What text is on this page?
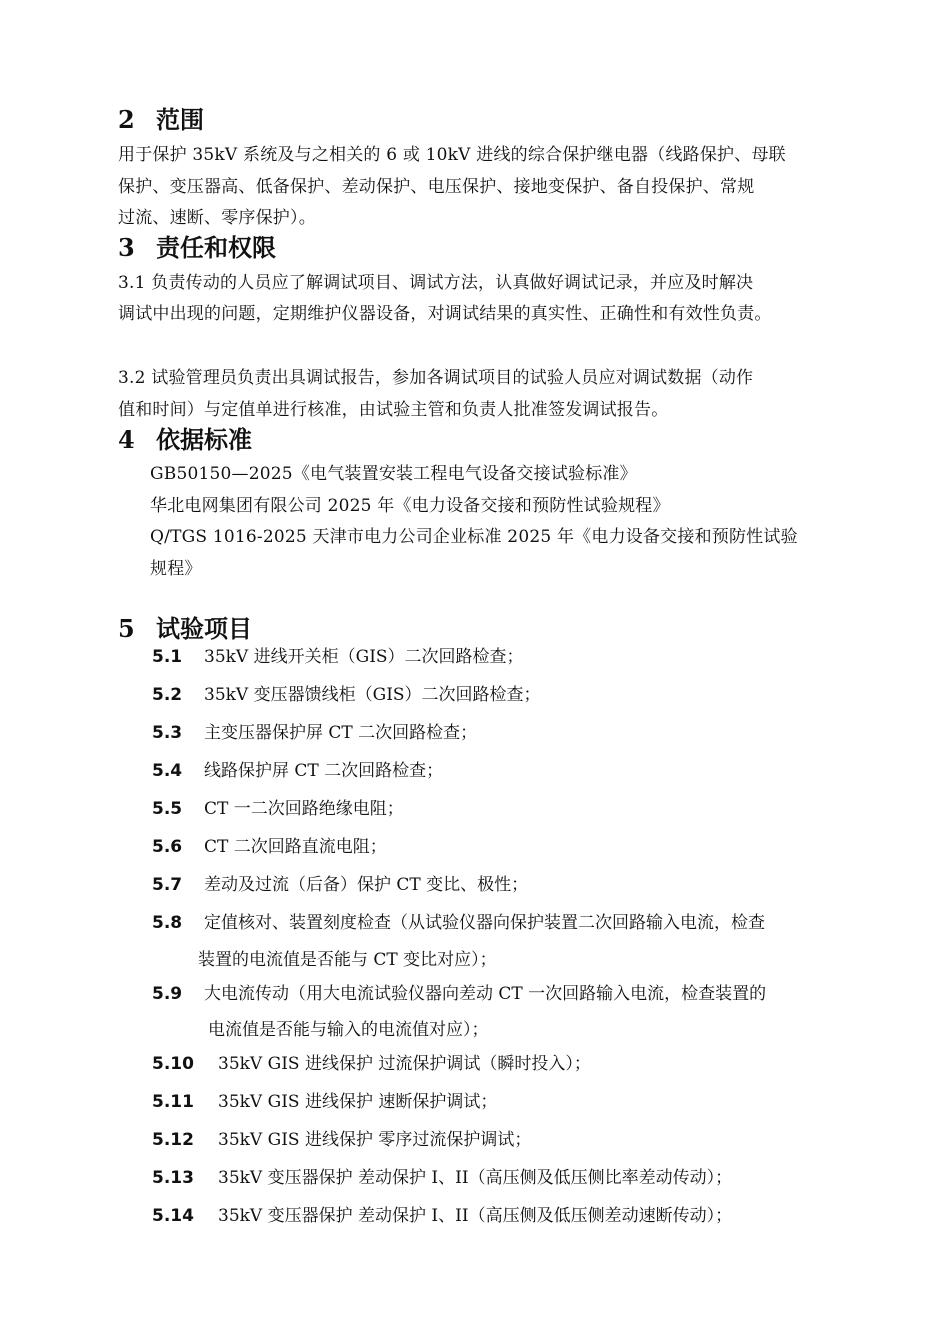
2 范围

用于保护 35kV 系统及与之相关的 6 或 10kV 进线的综合保护继电器（线路保护、母联

保护、变压器高、低备保护、差动保护、电压保护、接地变保护、备自投保护、常规

过流、速断、零序保护）。

3 责任和权限

3.1 负责传动的人员应了解调试项目、调试方法，认真做好调试记录，并应及时解决

调试中出现的问题，定期维护仪器设备，对调试结果的真实性、正确性和有效性负责。

3.2 试验管理员负责出具调试报告，参加各调试项目的试验人员应对调试数据（动作

值和时间）与定值单进行核准，由试验主管和负责人批准签发调试报告。

4 依据标准

GB50150—2025《电气装置安装工程电气设备交接试验标准》

华北电网集团有限公司 2025 年《电力设备交接和预防性试验规程》

Q/TGS 1016-2025 天津市电力公司企业标准 2025 年《电力设备交接和预防性试验

规程》

5 试验项目

5.1 35kV 进线开关柜（GIS）二次回路检查；

5.2 35kV 变压器馈线柜（GIS）二次回路检查；

5.3 主变压器保护屏 CT 二次回路检查；

5.4 线路保护屏 CT 二次回路检查；

5.5 CT 一二次回路绝缘电阻；

5.6 CT 二次回路直流电阻；

5.7 差动及过流（后备）保护 CT 变比、极性；

5.8 定值核对、装置刻度检查（从试验仪器向保护装置二次回路输入电流，检查

装置的电流值是否能与 CT 变比对应）；

5.9 大电流传动（用大电流试验仪器向差动 CT 一次回路输入电流，检查装置的

电流值是否能与输入的电流值对应）；

5.10 35kV GIS 进线保护 过流保护调试（瞬时投入）；

5.11 35kV GIS 进线保护 速断保护调试；

5.12 35kV GIS 进线保护 零序过流保护调试；

5.13 35kV 变压器保护 差动保护 I、II（高压侧及低压侧比率差动传动）；

5.14 35kV 变压器保护 差动保护 I、II（高压侧及低压侧差动速断传动）；
